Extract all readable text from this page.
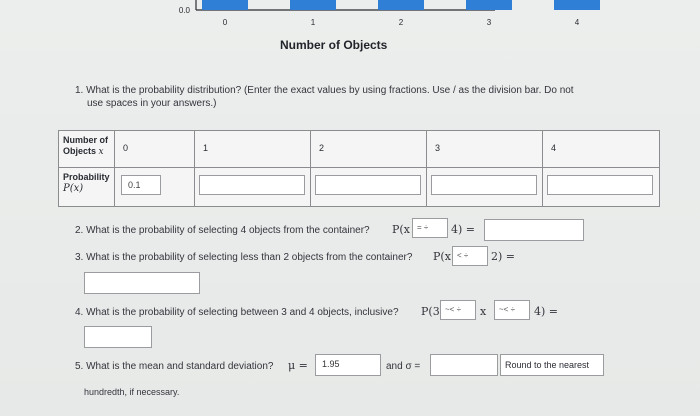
0.0
0	1	2	3	4
Number of Objects
1. What is the probability distribution? (Enter the exact values by using fractions. Use / as the division bar. Do not
use spaces in your answers.)
Number of
Objects x	0	1	2	3	4
Probability
P(x)	0.1
2. What is the probability of selecting 4 objects from the container? P(x = ÷	4) =
3. What is the probability of selecting less than 2 objects from the container? P(x < ÷	2) =
4. What is the probability of selecting between 3 and 4 objects, inclusive? P(3 ~< ÷	x	~< ÷	4) =
5. What is the mean and standard deviation? μ =	1.95	and σ =	Round to the nearest
hundredth, if necessary.
